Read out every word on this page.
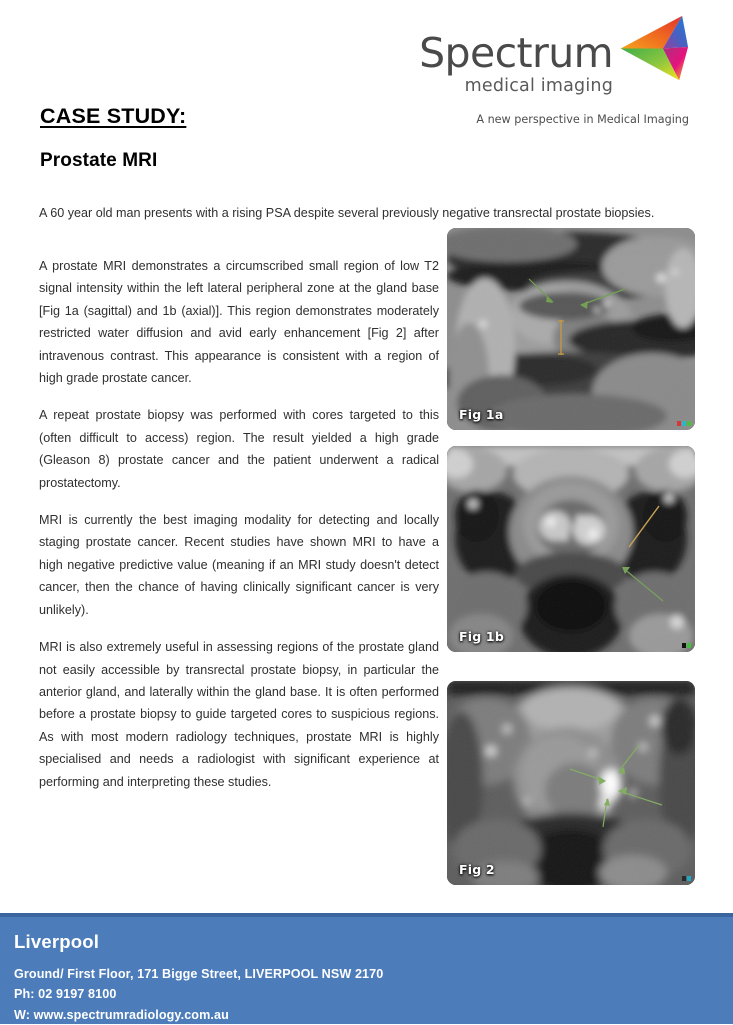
Spectrum
medical imaging
A new perspective in Medical Imaging
CASE STUDY:
Prostate MRI
A 60 year old man presents with a rising PSA despite several previously negative transrectal prostate biopsies.

A prostate MRI demonstrates a circumscribed small region of low T2 signal intensity within the left lateral peripheral zone at the gland base [Fig 1a (sagittal) and 1b (axial)]. This region demonstrates moderately restricted water diffusion and avid early enhancement [Fig 2] after intravenous contrast. This appearance is consistent with a region of high grade prostate cancer.

A repeat prostate biopsy was performed with cores targeted to this (often difficult to access) region. The result yielded a high grade (Gleason 8) prostate cancer and the patient underwent a radical prostatectomy.

MRI is currently the best imaging modality for detecting and locally staging prostate cancer. Recent studies have shown MRI to have a high negative predictive value (meaning if an MRI study doesn't detect cancer, then the chance of having clinically significant cancer is very unlikely).

MRI is also extremely useful in assessing regions of the prostate gland not easily accessible by transrectal prostate biopsy, in particular the anterior gland, and laterally within the gland base. It is often performed before a prostate biopsy to guide targeted cores to suspicious regions. As with most modern radiology techniques, prostate MRI is highly specialised and needs a radiologist with significant experience at performing and interpreting these studies.

Fig 1a
Fig 1b
Fig 2
Liverpool
Ground/ First Floor, 171 Bigge Street, LIVERPOOL NSW 2170
Ph: 02 9197 8100
W: www.spectrumradiology.com.au
